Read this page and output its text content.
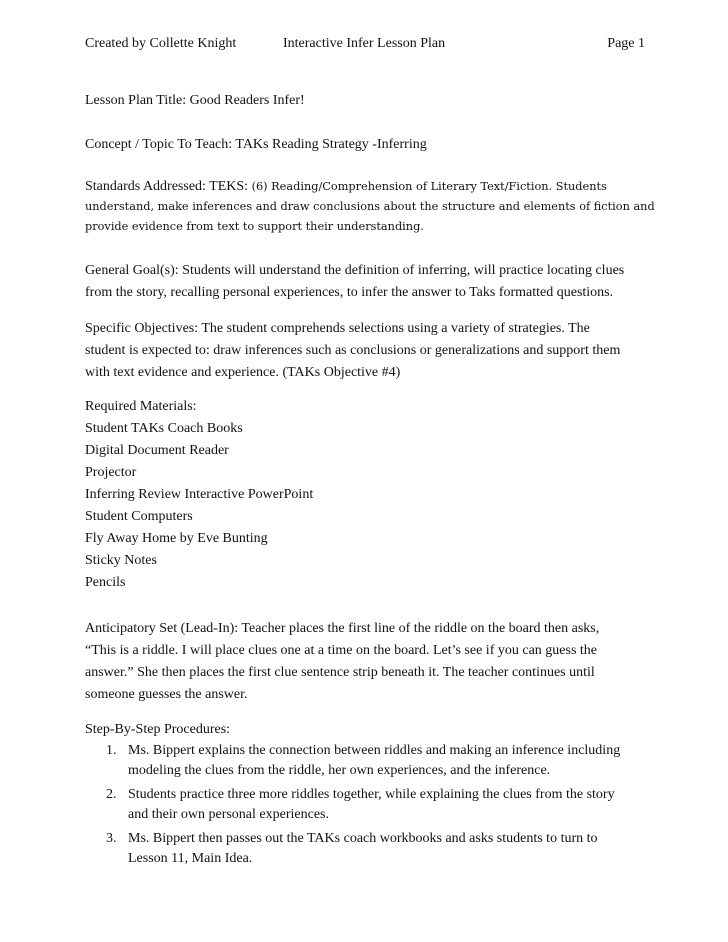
Created by Collette Knight	Interactive Infer Lesson Plan	Page 1
Lesson Plan Title: Good Readers Infer!
Concept / Topic To Teach: TAKs Reading Strategy -Inferring
Standards Addressed: TEKS: (6) Reading/Comprehension of Literary Text/Fiction. Students
understand, make inferences and draw conclusions about the structure and elements of fiction and
provide evidence from text to support their understanding.
General Goal(s): Students will understand the definition of inferring, will practice locating clues
from the story, recalling personal experiences, to infer the answer to Taks formatted questions.
Specific Objectives: The student comprehends selections using a variety of strategies. The
student is expected to: draw inferences such as conclusions or generalizations and support them
with text evidence and experience. (TAKs Objective #4)
Required Materials:
Student TAKs Coach Books
Digital Document Reader
Projector
Inferring Review Interactive PowerPoint
Student Computers
Fly Away Home by Eve Bunting
Sticky Notes
Pencils
Anticipatory Set (Lead-In): Teacher places the first line of the riddle on the board then asks,
“This is a riddle. I will place clues one at a time on the board. Let’s see if you can guess the
answer.” She then places the first clue sentence strip beneath it. The teacher continues until
someone guesses the answer.
Step-By-Step Procedures:
1. Ms. Bippert explains the connection between riddles and making an inference including
modeling the clues from the riddle, her own experiences, and the inference.
2. Students practice three more riddles together, while explaining the clues from the story
and their own personal experiences.
3. Ms. Bippert then passes out the TAKs coach workbooks and asks students to turn to
Lesson 11, Main Idea.
